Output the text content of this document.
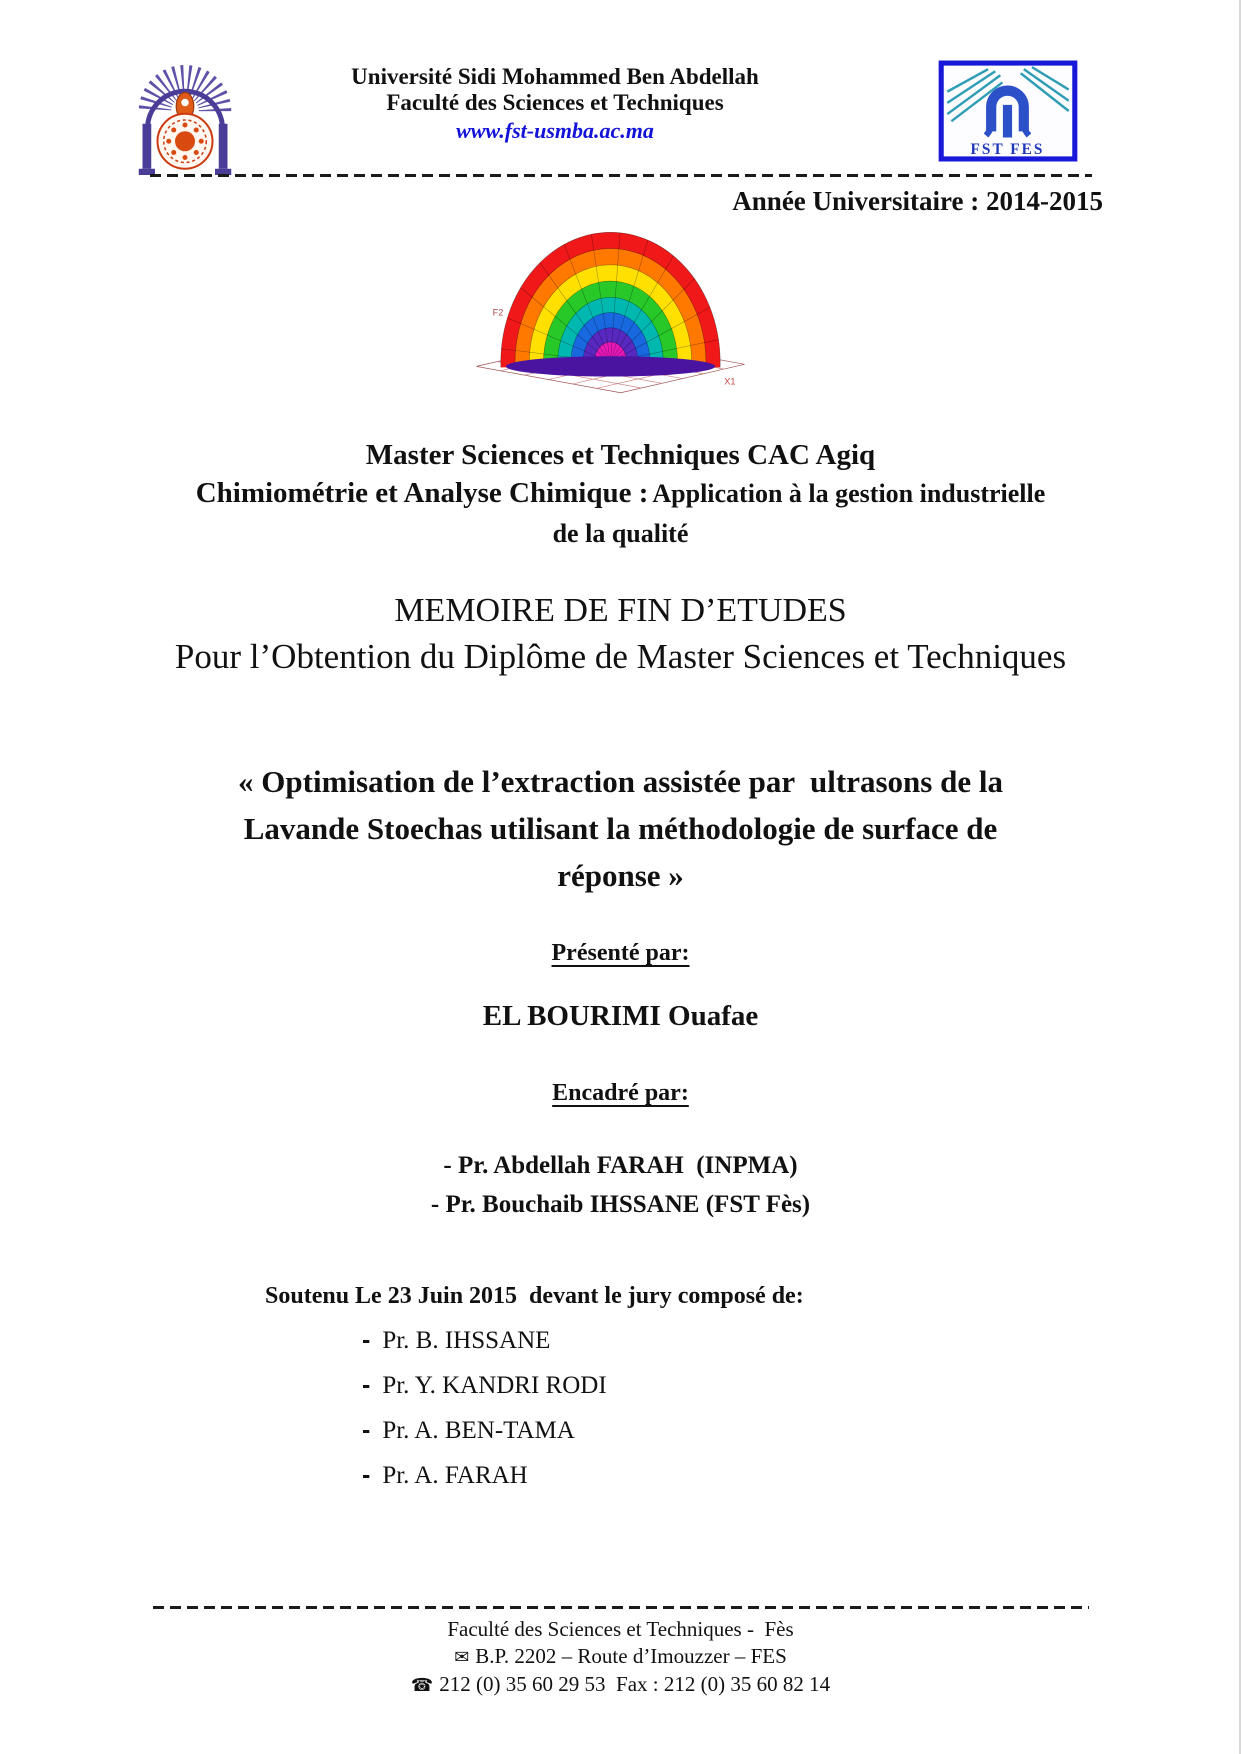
Université Sidi Mohammed Ben Abdellah
Faculté des Sciences et Techniques
www.fst-usmba.ac.ma
FST FES
Année Universitaire : 2014-2015
F2
X1
Master Sciences et Techniques CAC Agiq
Chimiométrie et Analyse Chimique : Application à la gestion industrielle
de la qualité
MEMOIRE DE FIN D’ETUDES
Pour l’Obtention du Diplôme de Master Sciences et Techniques
« Optimisation de l’extraction assistée par  ultrasons de la
Lavande Stoechas utilisant la méthodologie de surface de
réponse »
Présenté par:
EL BOURIMI Ouafae
Encadré par:
- Pr. Abdellah FARAH  (INPMA)
- Pr. Bouchaib IHSSANE (FST Fès)
Soutenu Le 23 Juin 2015  devant le jury composé de:
- Pr. B. IHSSANE
- Pr. Y. KANDRI RODI
- Pr. A. BEN-TAMA
- Pr. A. FARAH
Faculté des Sciences et Techniques -  Fès
✉ B.P. 2202 – Route d’Imouzzer – FES
☎ 212 (0) 35 60 29 53  Fax : 212 (0) 35 60 82 14
